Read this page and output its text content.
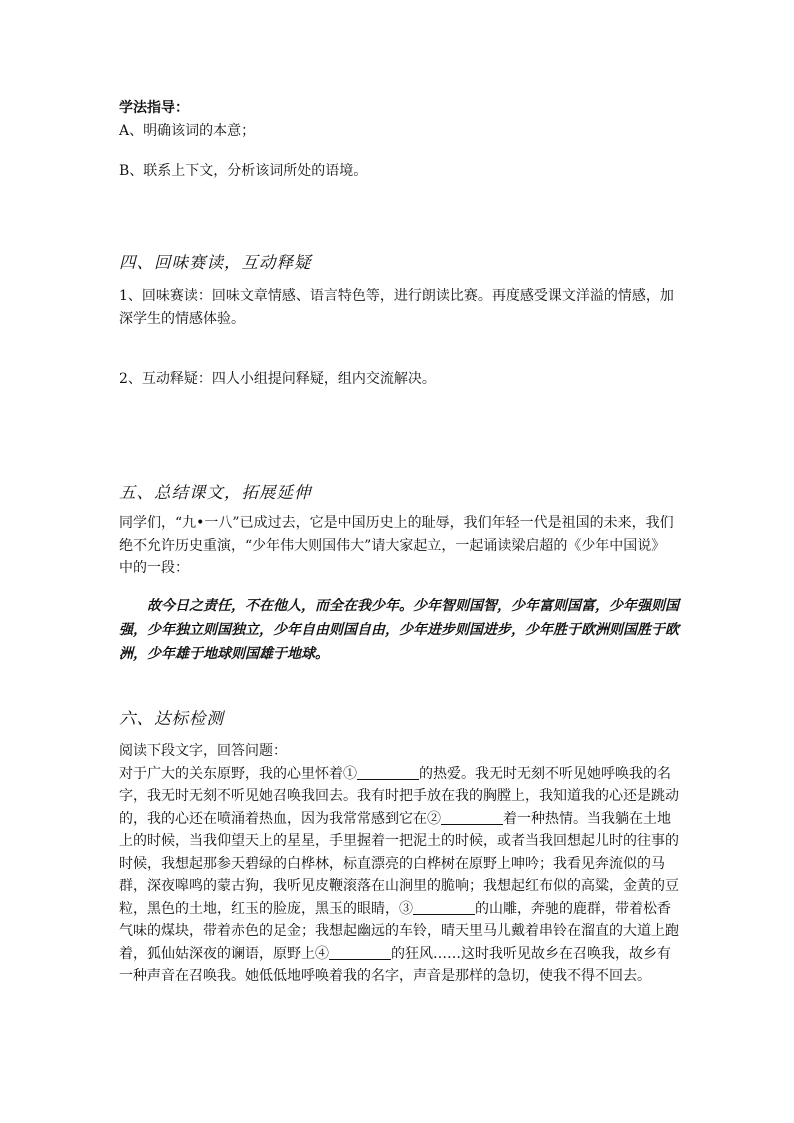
学法指导：

A、明确该词的本意；

B、联系上下文，分析该词所处的语境。

四、回味赛读，互动释疑

1、回味赛读：回味文章情感、语言特色等，进行朗读比赛。再度感受课文洋溢的情感，加深学生的情感体验。

2、互动释疑：四人小组提问释疑，组内交流解决。

五、总结课文，拓展延伸

同学们，“九•一八”已成过去，它是中国历史上的耻辱，我们年轻一代是祖国的未来，我们绝不允许历史重演，“少年伟大则国伟大”请大家起立，一起诵读梁启超的《少年中国说》中的一段：

故今日之责任，不在他人，而全在我少年。少年智则国智，少年富则国富，少年强则国强，少年独立则国独立，少年自由则国自由，少年进步则国进步，少年胜于欧洲则国胜于欧洲，少年雄于地球则国雄于地球。

六、达标检测

阅读下段文字，回答问题：

对于广大的关东原野，我的心里怀着①	的热爱。我无时无刻不听见她呼唤我的名字，我无时无刻不听见她召唤我回去。我有时把手放在我的胸膛上，我知道我的心还是跳动的，我的心还在喷涌着热血，因为我常常感到它在②	着一种热情。当我躺在土地上的时候，当我仰望天上的星星，手里握着一把泥土的时候，或者当我回想起儿时的往事的时候，我想起那参天碧绿的白桦林，标直漂亮的白桦树在原野上呻吟；我看见奔流似的马群，深夜嗥鸣的蒙古狗，我听见皮鞭滚落在山涧里的脆响；我想起红布似的高粱，金黄的豆粒，黑色的土地，红玉的脸庞，黑玉的眼睛，③	的山雕，奔驰的鹿群，带着松香气味的煤块，带着赤色的足金；我想起幽远的车铃，晴天里马儿戴着串铃在溜直的大道上跑着，狐仙姑深夜的谰语，原野上④	的狂风……这时我听见故乡在召唤我，故乡有一种声音在召唤我。她低低地呼唤着我的名字，声音是那样的急切，使我不得不回去。
